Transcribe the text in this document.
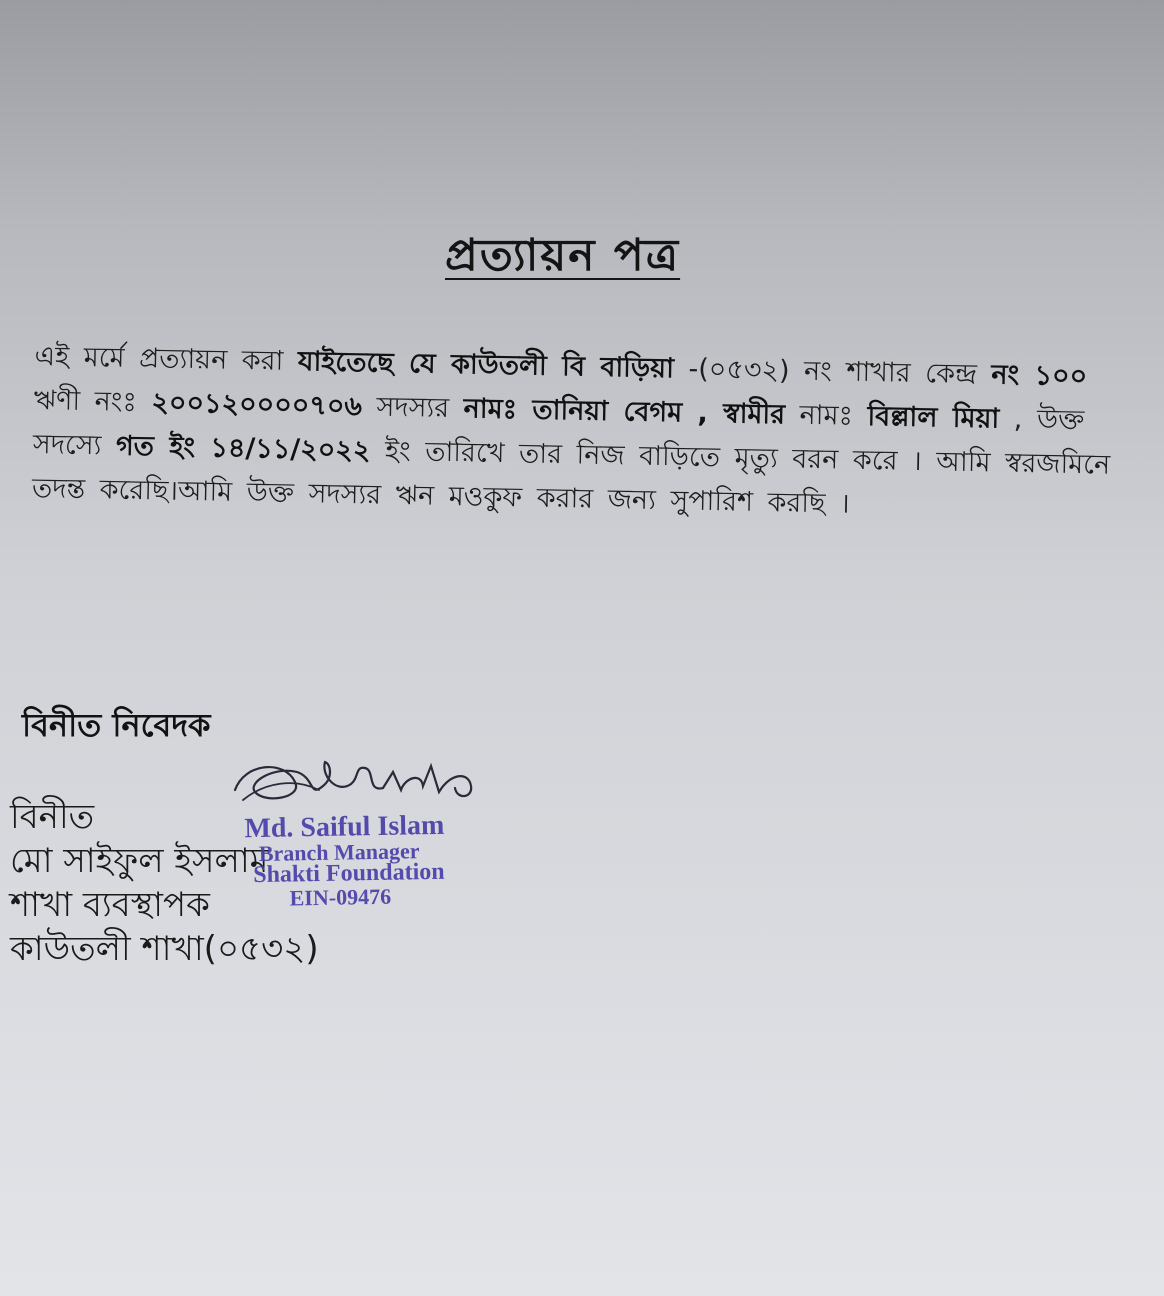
প্রত্যায়ন পত্র
এই মর্মে প্রত্যায়ন করা যাইতেছে যে কাউতলী বি বাড়িয়া -(০৫৩২) নং শাখার কেন্দ্র নং ১০০ ঋণী নংঃ ২০০১২০০০০৭০৬ সদস্যর নামঃ তানিয়া বেগম , স্বামীর নামঃ বিল্লাল মিয়া , উক্ত সদস্যে গত ইং ১৪/১১/২০২২ ইং তারিখে তার নিজ বাড়িতে মৃত্যু বরন করে । আমি স্বরজমিনে তদন্ত করেছি।আমি উক্ত সদস্যর ঋন মওকুফ করার জন্য সুপারিশ করছি ।
বিনীত নিবেদক
বিনীত
মো সাইফুল ইসলাম
শাখা ব্যবস্থাপক
কাউতলী শাখা(০৫৩২)
Md. Saiful Islam
Branch Manager
Shakti Foundation
EIN-09476
